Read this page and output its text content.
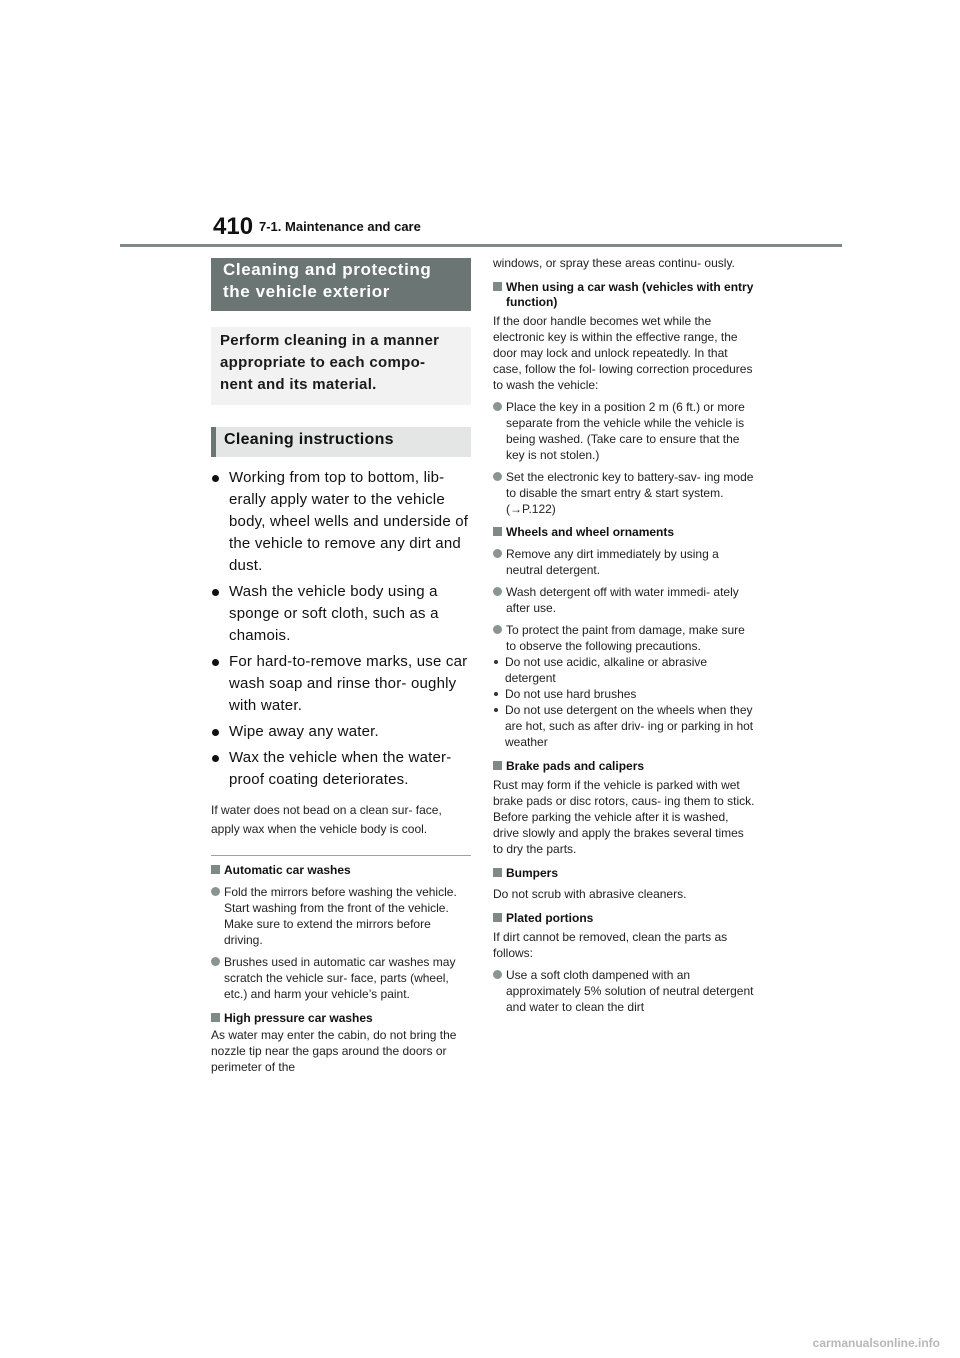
410 7-1. Maintenance and care
Cleaning and protecting the vehicle exterior
Perform cleaning in a manner appropriate to each compo- nent and its material.
Cleaning instructions
Working from top to bottom, lib- erally apply water to the vehicle body, wheel wells and underside of the vehicle to remove any dirt and dust.
Wash the vehicle body using a sponge or soft cloth, such as a chamois.
For hard-to-remove marks, use car wash soap and rinse thor- oughly with water.
Wipe away any water.
Wax the vehicle when the water- proof coating deteriorates.
If water does not bead on a clean sur- face, apply wax when the vehicle body is cool.
Automatic car washes
Fold the mirrors before washing the vehicle. Start washing from the front of the vehicle. Make sure to extend the mirrors before driving.
Brushes used in automatic car washes may scratch the vehicle sur- face, parts (wheel, etc.) and harm your vehicle’s paint.
High pressure car washes
As water may enter the cabin, do not bring the nozzle tip near the gaps around the doors or perimeter of the
windows, or spray these areas continu- ously.
When using a car wash (vehicles with entry function)
If the door handle becomes wet while the electronic key is within the effective range, the door may lock and unlock repeatedly. In that case, follow the fol- lowing correction procedures to wash the vehicle:
Place the key in a position 2 m (6 ft.) or more separate from the vehicle while the vehicle is being washed. (Take care to ensure that the key is not stolen.)
Set the electronic key to battery-sav- ing mode to disable the smart entry & start system. (→P.122)
Wheels and wheel ornaments
Remove any dirt immediately by using a neutral detergent.
Wash detergent off with water immedi- ately after use.
To protect the paint from damage, make sure to observe the following precautions.
Do not use acidic, alkaline or abrasive detergent
Do not use hard brushes
Do not use detergent on the wheels when they are hot, such as after driv- ing or parking in hot weather
Brake pads and calipers
Rust may form if the vehicle is parked with wet brake pads or disc rotors, caus- ing them to stick. Before parking the vehicle after it is washed, drive slowly and apply the brakes several times to dry the parts.
Bumpers
Do not scrub with abrasive cleaners.
Plated portions
If dirt cannot be removed, clean the parts as follows:
Use a soft cloth dampened with an approximately 5% solution of neutral detergent and water to clean the dirt
carmanualsonline.info
